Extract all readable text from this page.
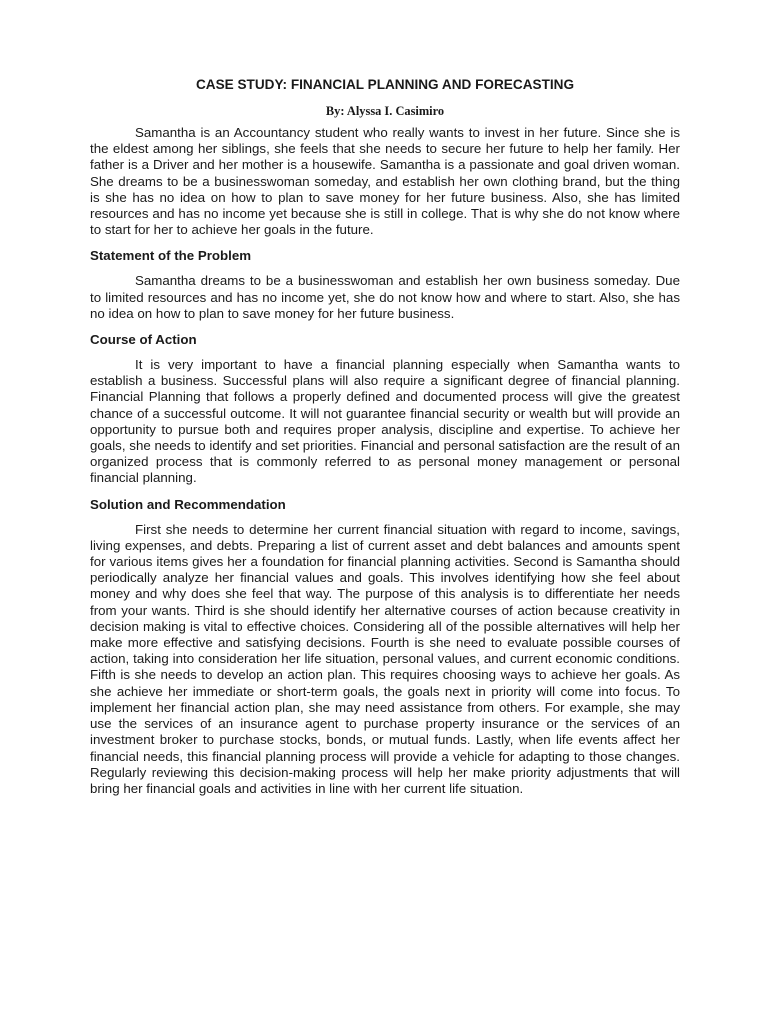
CASE STUDY: FINANCIAL PLANNING AND FORECASTING

By: Alyssa I. Casimiro

Samantha is an Accountancy student who really wants to invest in her future. Since she is the eldest among her siblings, she feels that she needs to secure her future to help her family. Her father is a Driver and her mother is a housewife. Samantha is a passionate and goal driven woman. She dreams to be a businesswoman someday, and establish her own clothing brand, but the thing is she has no idea on how to plan to save money for her future business. Also, she has limited resources and has no income yet because she is still in college. That is why she do not know where to start for her to achieve her goals in the future.

Statement of the Problem

Samantha dreams to be a businesswoman and establish her own business someday. Due to limited resources and has no income yet, she do not know how and where to start. Also, she has no idea on how to plan to save money for her future business.

Course of Action

It is very important to have a financial planning especially when Samantha wants to establish a business. Successful plans will also require a significant degree of financial planning. Financial Planning that follows a properly defined and documented process will give the greatest chance of a successful outcome. It will not guarantee financial security or wealth but will provide an opportunity to pursue both and requires proper analysis, discipline and expertise. To achieve her goals, she needs to identify and set priorities. Financial and personal satisfaction are the result of an organized process that is commonly referred to as personal money management or personal financial planning.

Solution and Recommendation

First she needs to determine her current financial situation with regard to income, savings, living expenses, and debts. Preparing a list of current asset and debt balances and amounts spent for various items gives her a foundation for financial planning activities. Second is Samantha should periodically analyze her financial values and goals. This involves identifying how she feel about money and why does she feel that way. The purpose of this analysis is to differentiate her needs from your wants. Third is she should identify her alternative courses of action because creativity in decision making is vital to effective choices. Considering all of the possible alternatives will help her make more effective and satisfying decisions. Fourth is she need to evaluate possible courses of action, taking into consideration her life situation, personal values, and current economic conditions. Fifth is she needs to develop an action plan. This requires choosing ways to achieve her goals. As she achieve her immediate or short-term goals, the goals next in priority will come into focus. To implement her financial action plan, she may need assistance from others. For example, she may use the services of an insurance agent to purchase property insurance or the services of an investment broker to purchase stocks, bonds, or mutual funds. Lastly, when life events affect her financial needs, this financial planning process will provide a vehicle for adapting to those changes. Regularly reviewing this decision-making process will help her make priority adjustments that will bring her financial goals and activities in line with her current life situation.
